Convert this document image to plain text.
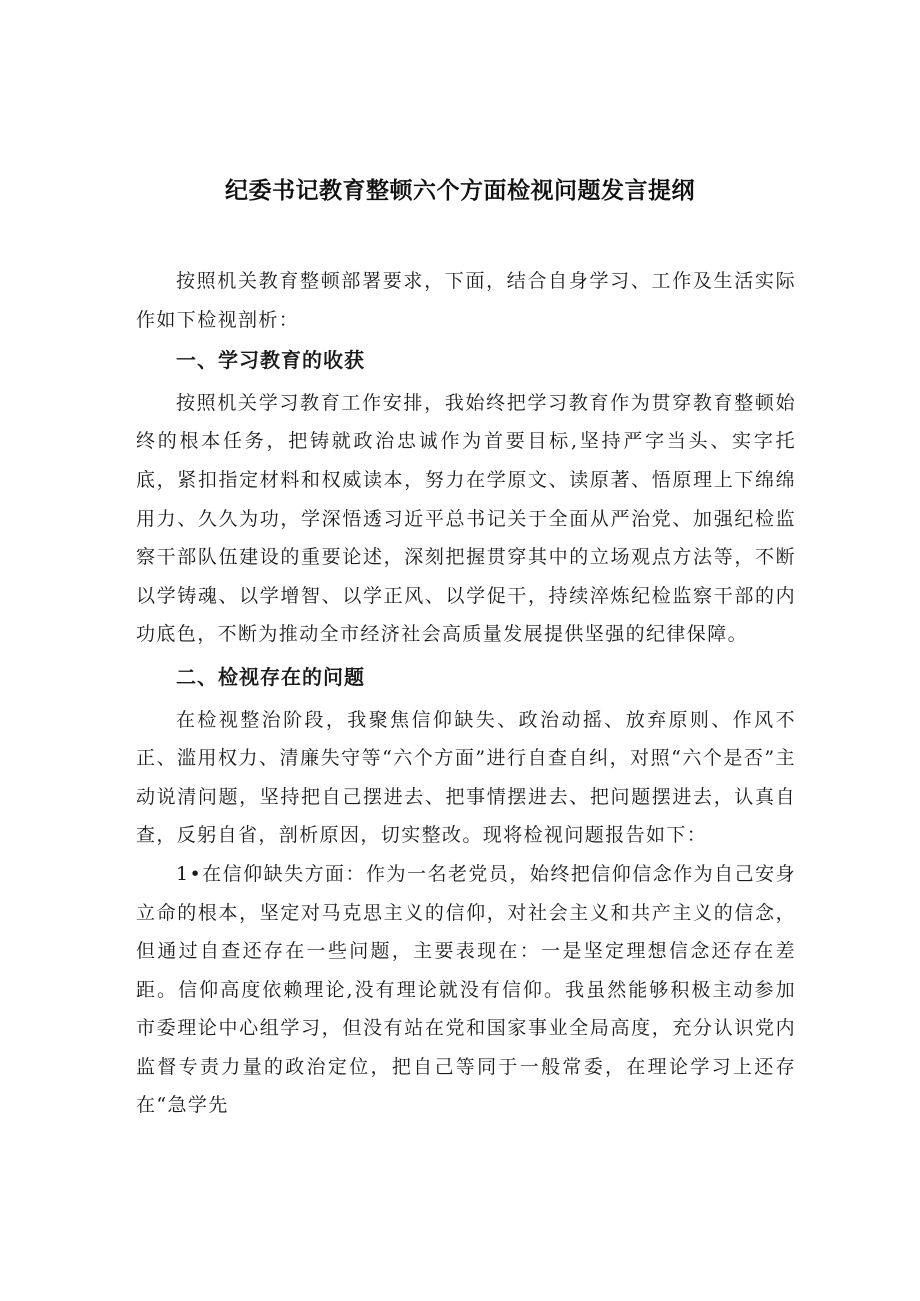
纪委书记教育整顿六个方面检视问题发言提纲

按照机关教育整顿部署要求，下面，结合自身学习、工作及生活实际作如下检视剖析：

一、学习教育的收获

按照机关学习教育工作安排，我始终把学习教育作为贯穿教育整顿始终的根本任务，把铸就政治忠诚作为首要目标,坚持严字当头、实字托底，紧扣指定材料和权威读本，努力在学原文、读原著、悟原理上下绵绵用力、久久为功，学深悟透习近平总书记关于全面从严治党、加强纪检监察干部队伍建设的重要论述，深刻把握贯穿其中的立场观点方法等，不断以学铸魂、以学增智、以学正风、以学促干，持续淬炼纪检监察干部的内功底色，不断为推动全市经济社会高质量发展提供坚强的纪律保障。

二、检视存在的问题

在检视整治阶段，我聚焦信仰缺失、政治动摇、放弃原则、作风不正、滥用权力、清廉失守等“六个方面”进行自查自纠，对照“六个是否”主动说清问题，坚持把自己摆进去、把事情摆进去、把问题摆进去，认真自查，反躬自省，剖析原因，切实整改。现将检视问题报告如下：

1•在信仰缺失方面：作为一名老党员，始终把信仰信念作为自己安身立命的根本，坚定对马克思主义的信仰，对社会主义和共产主义的信念，但通过自查还存在一些问题，主要表现在：一是坚定理想信念还存在差距。信仰高度依赖理论,没有理论就没有信仰。我虽然能够积极主动参加市委理论中心组学习，但没有站在党和国家事业全局高度，充分认识党内监督专责力量的政治定位，把自己等同于一般常委，在理论学习上还存在“急学先
